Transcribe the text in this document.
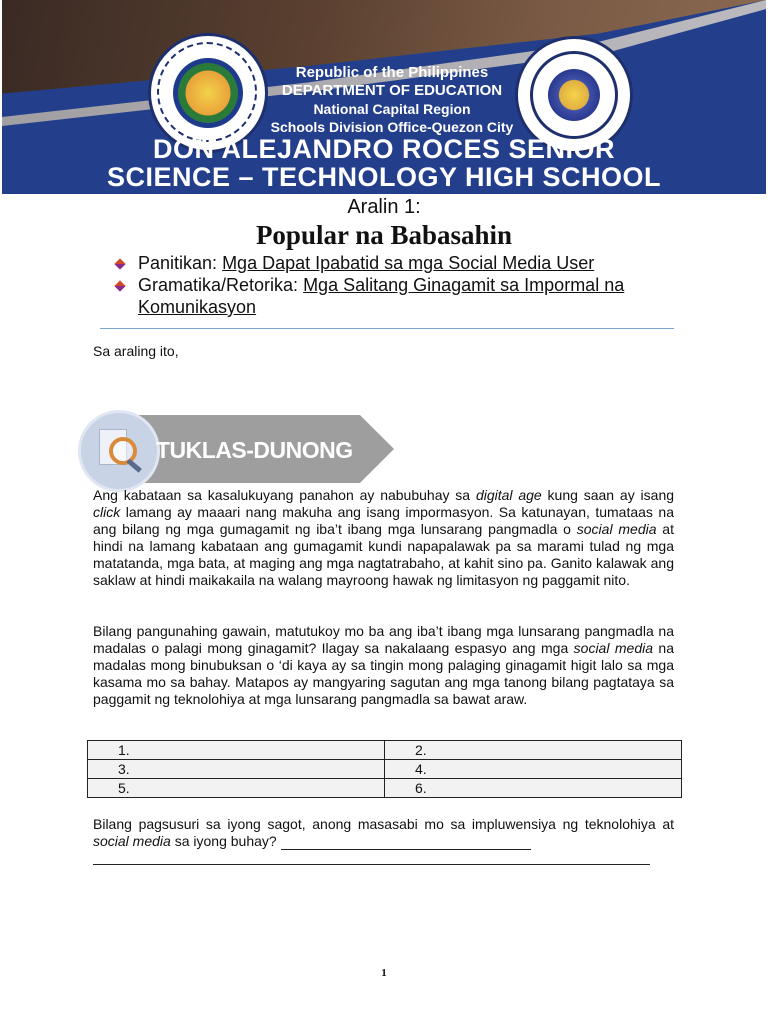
Republic of the Philippines
DEPARTMENT OF EDUCATION
National Capital Region
Schools Division Office-Quezon City
DON ALEJANDRO ROCES SENIOR
SCIENCE – TECHNOLOGY HIGH SCHOOL
Aralin 1:
Popular na Babasahin

Panitikan: Mga Dapat Ipabatid sa mga Social Media User

Gramatika/Retorika: Mga Salitang Ginagamit sa Impormal na Komunikasyon

Sa araling ito,
TUKLAS-DUNONG

Ang kabataan sa kasalukuyang panahon ay nabubuhay sa digital age kung saan ay isang click lamang ay maaari nang makuha ang isang impormasyon. Sa katunayan, tumataas na ang bilang ng mga gumagamit ng iba’t ibang mga lunsarang pangmadla o social media at hindi na lamang kabataan ang gumagamit kundi napapalawak pa sa marami tulad ng mga matatanda, mga bata, at maging ang mga nagtatrabaho, at kahit sino pa. Ganito kalawak ang saklaw at hindi maikakaila na walang mayroong hawak ng limitasyon ng paggamit nito.

Bilang pangunahing gawain, matutukoy mo ba ang iba’t ibang mga lunsarang pangmadla na madalas o palagi mong ginagamit? Ilagay sa nakalaang espasyo ang mga social media na madalas mong binubuksan o ‘di kaya ay sa tingin mong palaging ginagamit higit lalo sa mga kasama mo sa bahay. Matapos ay mangyaring sagutan ang mga tanong bilang pagtataya sa paggamit ng teknolohiya at mga lunsarang pangmadla sa bawat araw.

1.	2.
3.	4.
5.	6.
Bilang pagsusuri sa iyong sagot, anong masasabi mo sa impluwensiya ng teknolohiya at social media sa iyong buhay?
1
